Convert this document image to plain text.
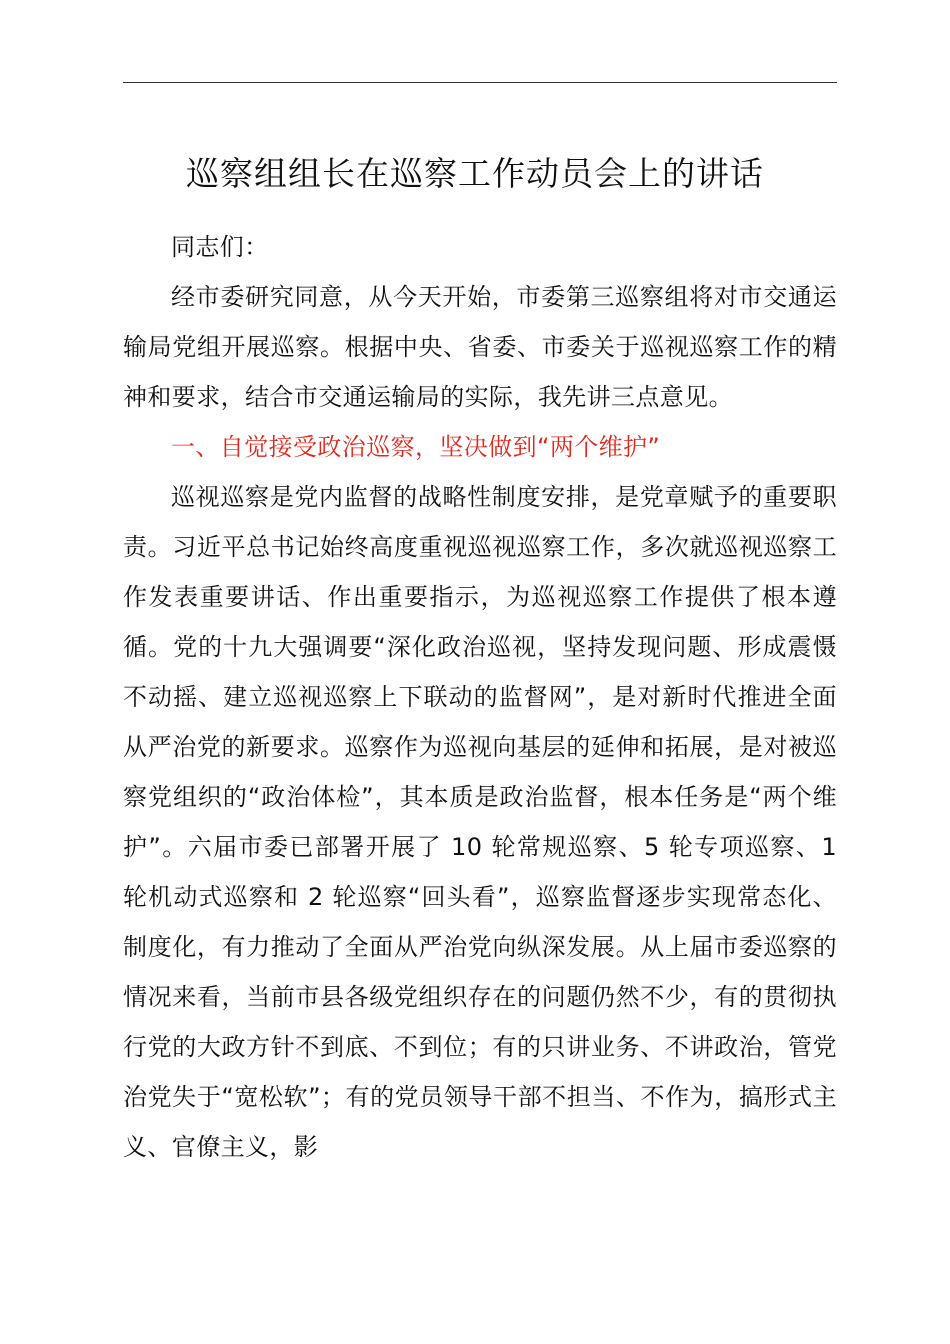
巡察组组长在巡察工作动员会上的讲话

同志们：

经市委研究同意，从今天开始，市委第三巡察组将对市交通运输局党组开展巡察。根据中央、省委、市委关于巡视巡察工作的精神和要求，结合市交通运输局的实际，我先讲三点意见。

一、自觉接受政治巡察，坚决做到“两个维护”

巡视巡察是党内监督的战略性制度安排，是党章赋予的重要职责。习近平总书记始终高度重视巡视巡察工作，多次就巡视巡察工作发表重要讲话、作出重要指示，为巡视巡察工作提供了根本遵循。党的十九大强调要“深化政治巡视，坚持发现问题、形成震慑不动摇、建立巡视巡察上下联动的监督网”，是对新时代推进全面从严治党的新要求。巡察作为巡视向基层的延伸和拓展，是对被巡察党组织的“政治体检”，其本质是政治监督，根本任务是“两个维护”。六届市委已部署开展了 10 轮常规巡察、5 轮专项巡察、1 轮机动式巡察和 2 轮巡察“回头看”，巡察监督逐步实现常态化、制度化，有力推动了全面从严治党向纵深发展。从上届市委巡察的情况来看，当前市县各级党组织存在的问题仍然不少，有的贯彻执行党的大政方针不到底、不到位；有的只讲业务、不讲政治，管党治党失于“宽松软”；有的党员领导干部不担当、不作为，搞形式主义、官僚主义，影
